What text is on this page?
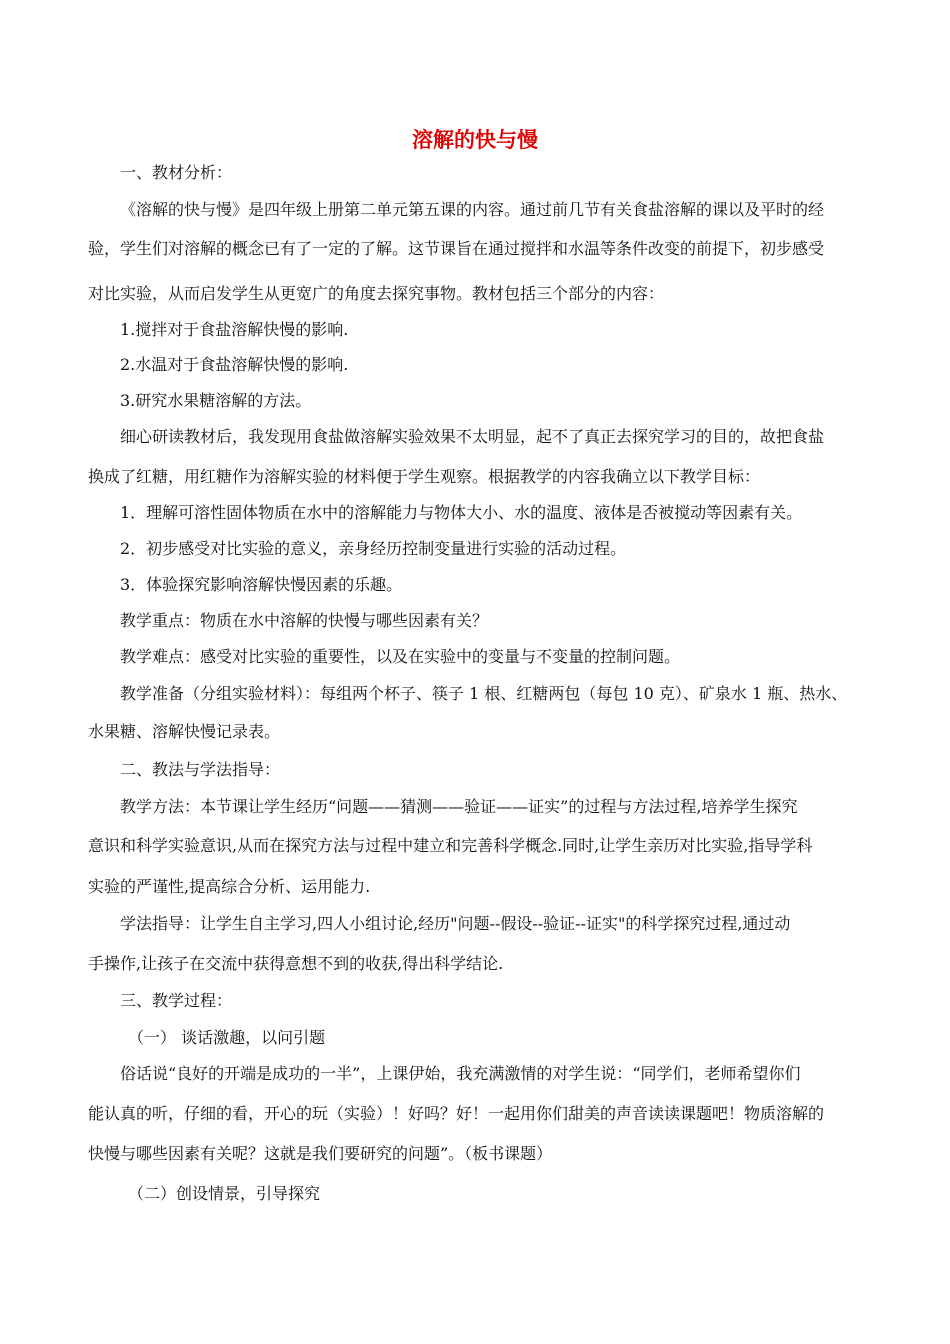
溶解的快与慢
一、教材分析：
《溶解的快与慢》是四年级上册第二单元第五课的内容。通过前几节有关食盐溶解的课以及平时的经
验，学生们对溶解的概念已有了一定的了解。这节课旨在通过搅拌和水温等条件改变的前提下，初步感受
对比实验，从而启发学生从更宽广的角度去探究事物。教材包括三个部分的内容：
1.搅拌对于食盐溶解快慢的影响.
2.水温对于食盐溶解快慢的影响.
3.研究水果糖溶解的方法。
细心研读教材后，我发现用食盐做溶解实验效果不太明显，起不了真正去探究学习的目的，故把食盐
换成了红糖，用红糖作为溶解实验的材料便于学生观察。根据教学的内容我确立以下教学目标：
1．理解可溶性固体物质在水中的溶解能力与物体大小、水的温度、液体是否被搅动等因素有关。
2．初步感受对比实验的意义，亲身经历控制变量进行实验的活动过程。
3．体验探究影响溶解快慢因素的乐趣。
教学重点：物质在水中溶解的快慢与哪些因素有关？
教学难点：感受对比实验的重要性，以及在实验中的变量与不变量的控制问题。
教学准备（分组实验材料）：每组两个杯子、筷子 1 根、红糖两包（每包 10 克）、矿泉水 1 瓶、热水、
水果糖、溶解快慢记录表。
二、教法与学法指导：
教学方法：本节课让学生经历“问题——猜测——验证——证实”的过程与方法过程,培养学生探究
意识和科学实验意识,从而在探究方法与过程中建立和完善科学概念.同时,让学生亲历对比实验,指导学科
实验的严谨性,提高综合分析、运用能力.
学法指导：让学生自主学习,四人小组讨论,经历"问题--假设--验证--证实"的科学探究过程,通过动
手操作,让孩子在交流中获得意想不到的收获,得出科学结论.
三、教学过程：
（一） 谈话激趣，以问引题
俗话说“良好的开端是成功的一半”，上课伊始，我充满激情的对学生说：“同学们，老师希望你们
能认真的听，仔细的看，开心的玩（实验）！好吗？好！一起用你们甜美的声音读读课题吧！物质溶解的
快慢与哪些因素有关呢？这就是我们要研究的问题”。（板书课题）
（二）创设情景，引导探究
